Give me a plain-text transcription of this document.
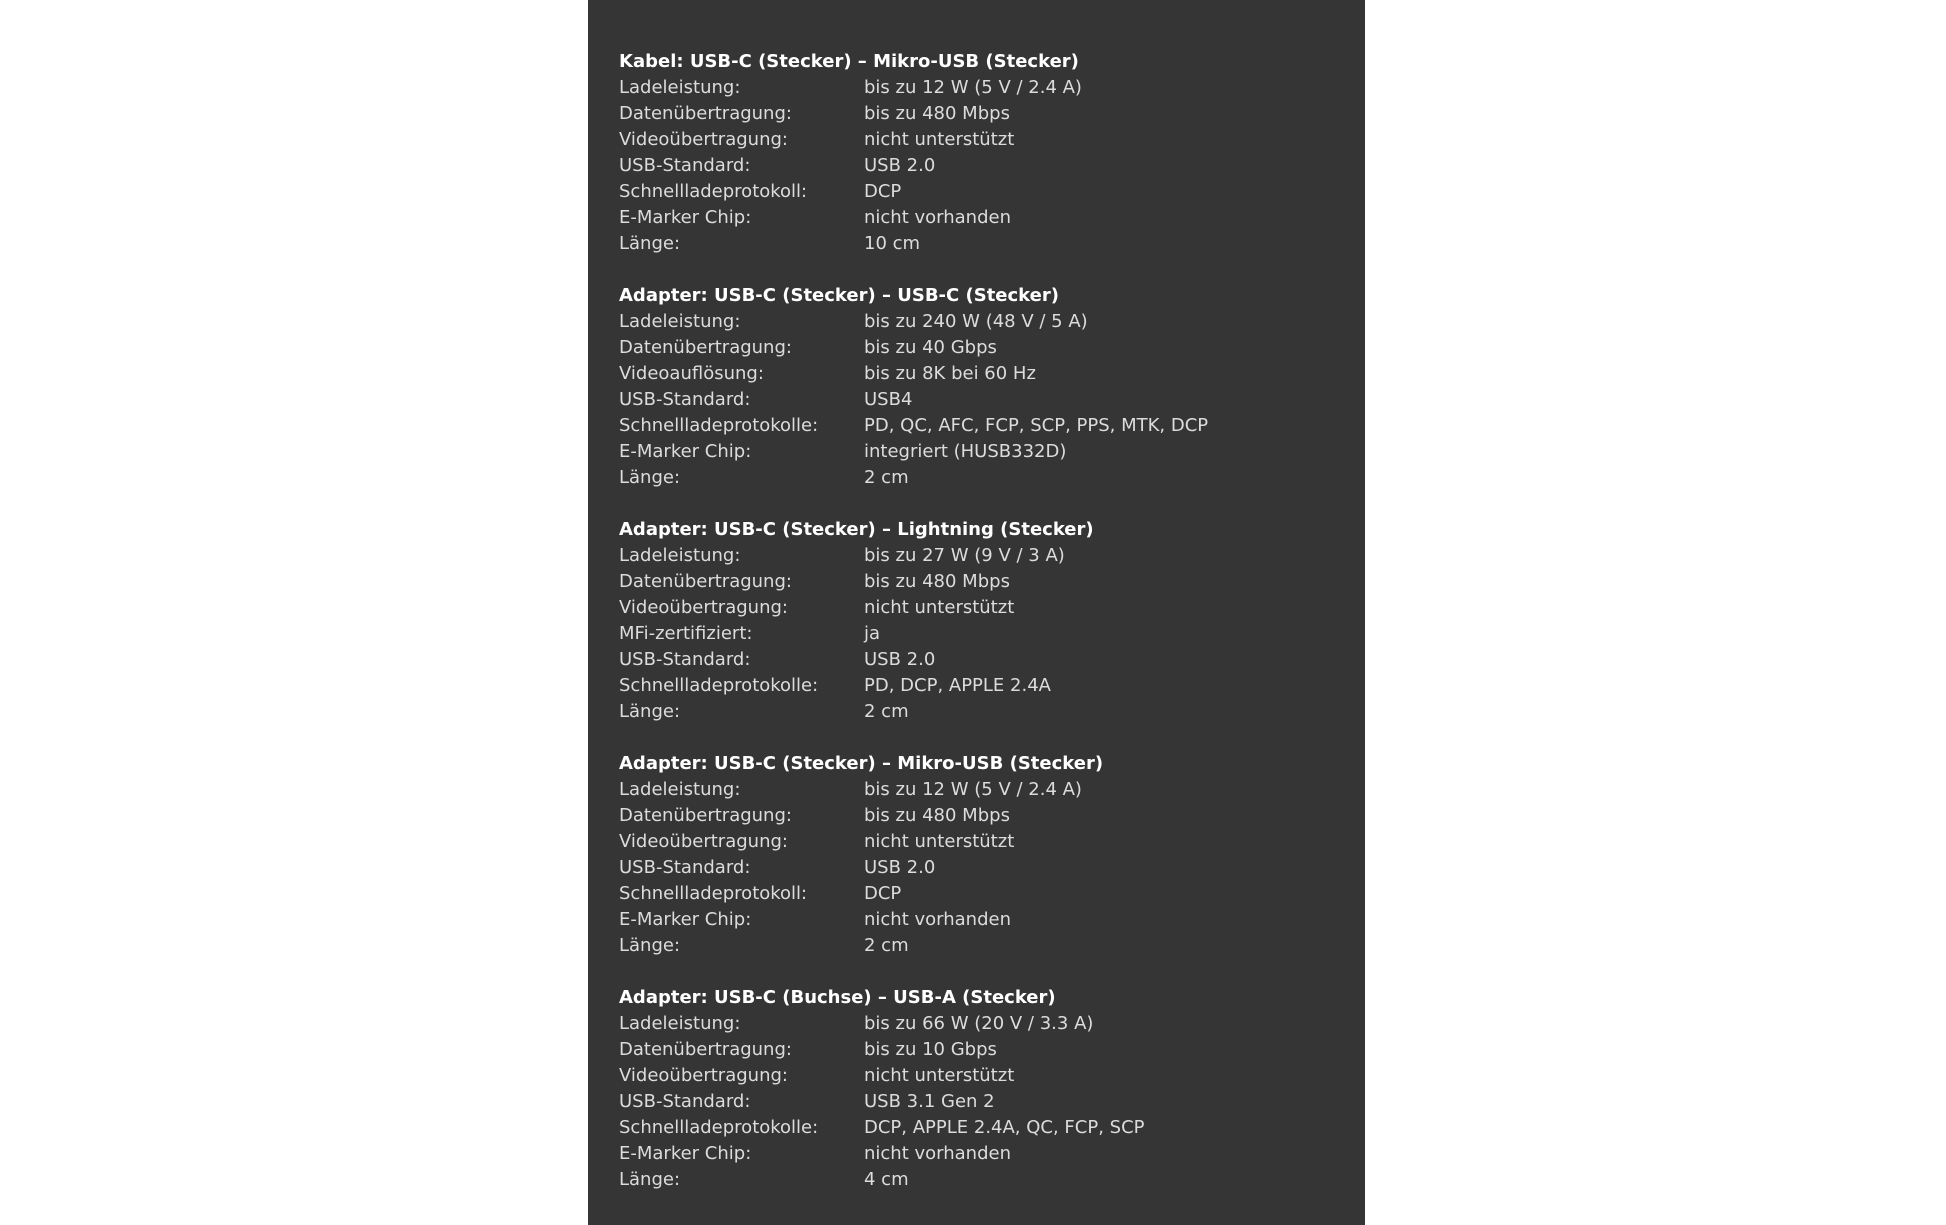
Kabel: USB-C (Stecker) – Mikro-USB (Stecker)
Ladeleistung:	bis zu 12 W (5 V / 2.4 A)
Datenübertragung:	bis zu 480 Mbps
Videoübertragung:	nicht unterstützt
USB-Standard:	USB 2.0
Schnellladeprotokoll:	DCP
E-Marker Chip:	nicht vorhanden
Länge:	10 cm
Adapter: USB-C (Stecker) – USB-C (Stecker)
Ladeleistung:	bis zu 240 W (48 V / 5 A)
Datenübertragung:	bis zu 40 Gbps
Videoauflösung:	bis zu 8K bei 60 Hz
USB-Standard:	USB4
Schnellladeprotokolle:	PD, QC, AFC, FCP, SCP, PPS, MTK, DCP
E-Marker Chip:	integriert (HUSB332D)
Länge:	2 cm
Adapter: USB-C (Stecker) – Lightning (Stecker)
Ladeleistung:	bis zu 27 W (9 V / 3 A)
Datenübertragung:	bis zu 480 Mbps
Videoübertragung:	nicht unterstützt
MFi-zertifiziert:	ja
USB-Standard:	USB 2.0
Schnellladeprotokolle:	PD, DCP, APPLE 2.4A
Länge:	2 cm
Adapter: USB-C (Stecker) – Mikro-USB (Stecker)
Ladeleistung:	bis zu 12 W (5 V / 2.4 A)
Datenübertragung:	bis zu 480 Mbps
Videoübertragung:	nicht unterstützt
USB-Standard:	USB 2.0
Schnellladeprotokoll:	DCP
E-Marker Chip:	nicht vorhanden
Länge:	2 cm
Adapter: USB-C (Buchse) – USB-A (Stecker)
Ladeleistung:	bis zu 66 W (20 V / 3.3 A)
Datenübertragung:	bis zu 10 Gbps
Videoübertragung:	nicht unterstützt
USB-Standard:	USB 3.1 Gen 2
Schnellladeprotokolle:	DCP, APPLE 2.4A, QC, FCP, SCP
E-Marker Chip:	nicht vorhanden
Länge:	4 cm
